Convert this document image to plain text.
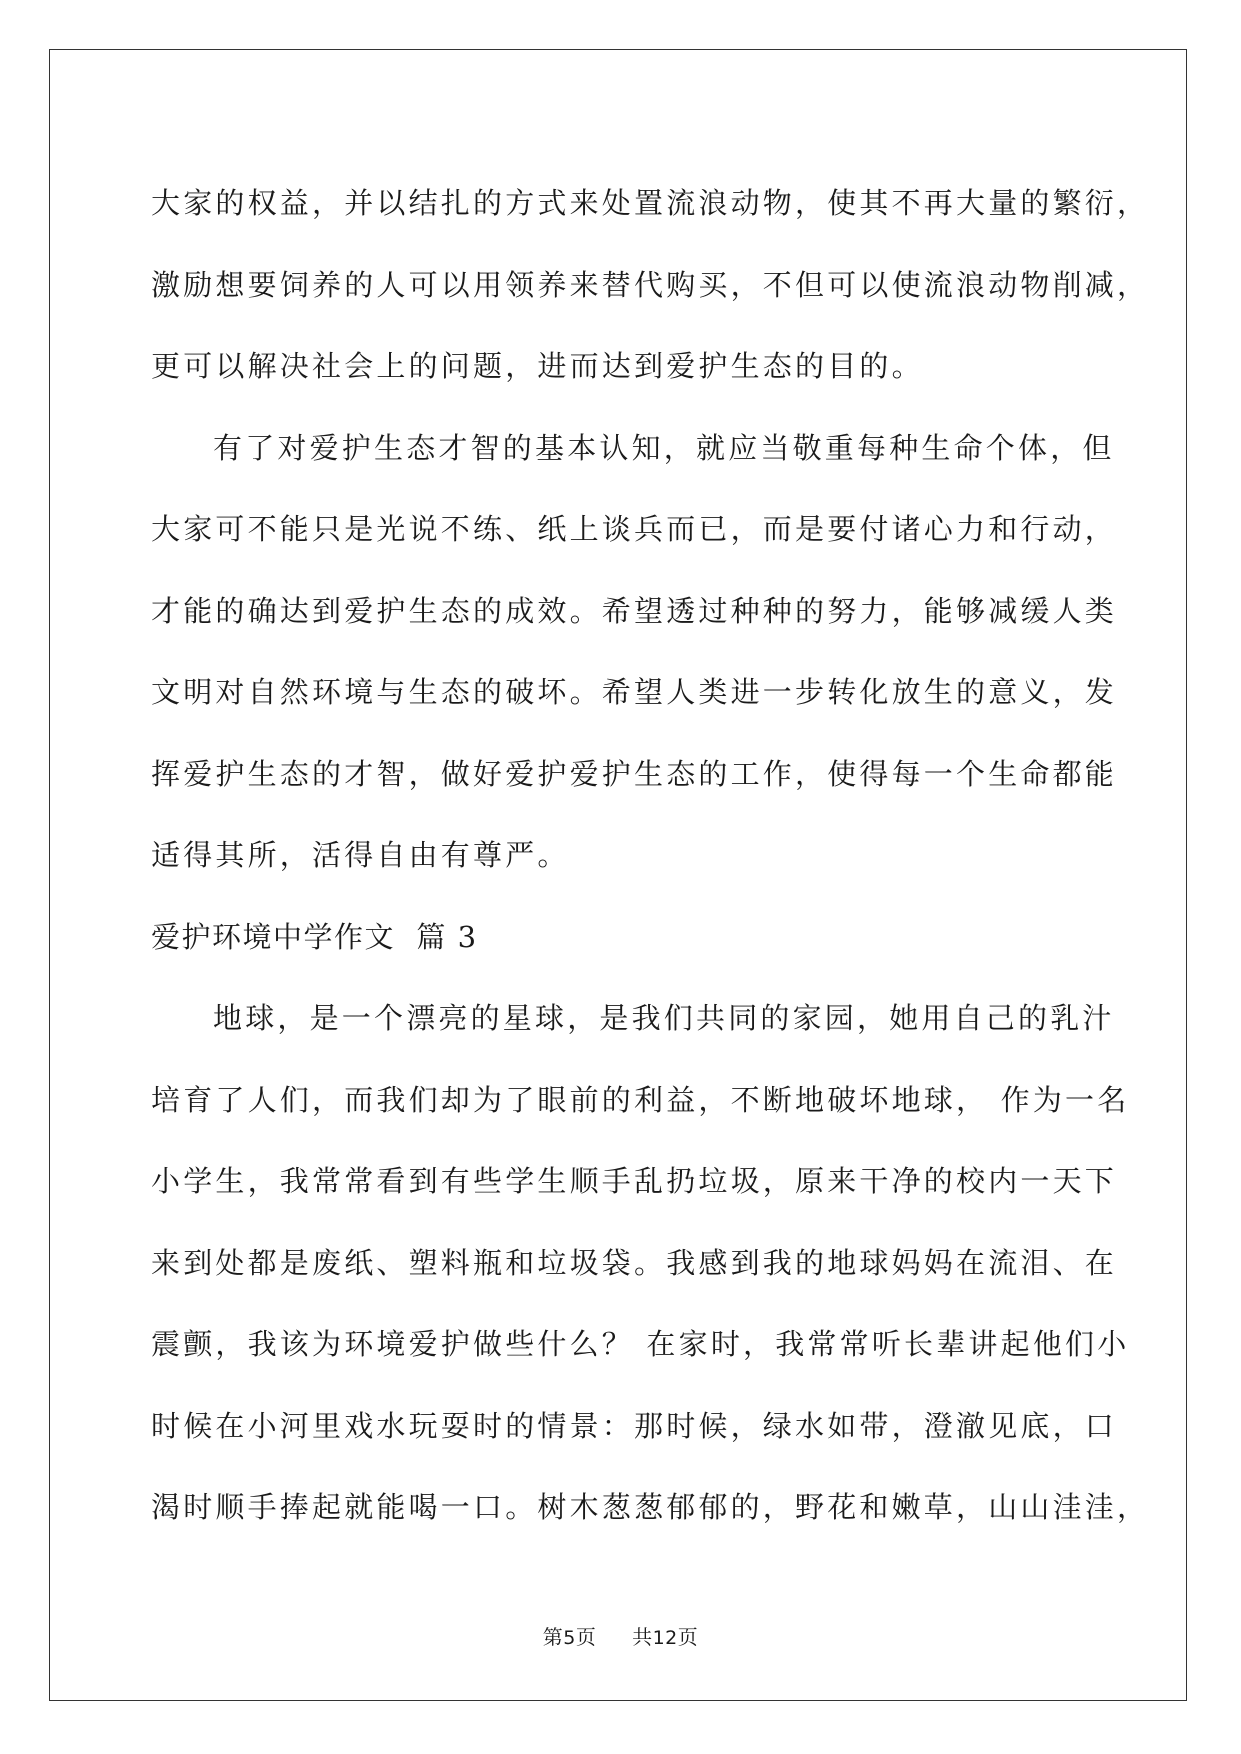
大家的权益，并以结扎的方式来处置流浪动物，使其不再大量的繁衍，
激励想要饲养的人可以用领养来替代购买，不但可以使流浪动物削减，
更可以解决社会上的问题，进而达到爱护生态的目的。
有了对爱护生态才智的基本认知，就应当敬重每种生命个体，但
大家可不能只是光说不练、纸上谈兵而已，而是要付诸心力和行动，
才能的确达到爱护生态的成效。希望透过种种的努力，能够减缓人类
文明对自然环境与生态的破坏。希望人类进一步转化放生的意义，发
挥爱护生态的才智，做好爱护爱护生态的工作，使得每一个生命都能
适得其所，活得自由有尊严。
爱护环境中学作文  篇 3
地球，是一个漂亮的星球，是我们共同的家园，她用自己的乳汁
培育了人们，而我们却为了眼前的利益，不断地破坏地球， 作为一名
小学生，我常常看到有些学生顺手乱扔垃圾，原来干净的校内一天下
来到处都是废纸、塑料瓶和垃圾袋。我感到我的地球妈妈在流泪、在
震颤，我该为环境爱护做些什么？ 在家时，我常常听长辈讲起他们小
时候在小河里戏水玩耍时的情景：那时候，绿水如带，澄澈见底，口
渴时顺手捧起就能喝一口。树木葱葱郁郁的，野花和嫩草，山山洼洼，
第5页 共12页
